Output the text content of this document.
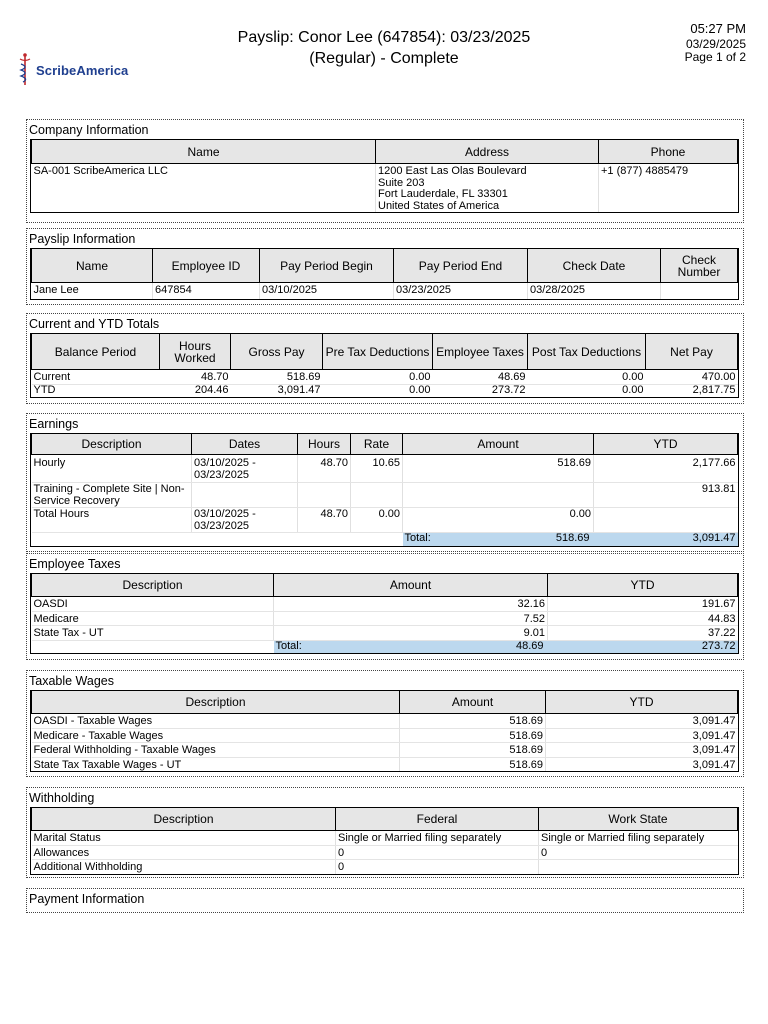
ScribeAmerica
Payslip: Conor Lee (647854): 03/23/2025
(Regular) - Complete
05:27 PM
03/29/2025
Page 1 of 2
Company Information
Name	Address	Phone
SA-001 ScribeAmerica LLC	1200 East Las Olas Boulevard
Suite 203
Fort Lauderdale, FL 33301
United States of America	+1 (877) 4885479
Payslip Information
Name	Employee ID	Pay Period Begin	Pay Period End	Check Date	Check Number
Jane Lee	647854	03/10/2025	03/23/2025	03/28/2025	
Current and YTD Totals
Balance Period	Hours Worked	Gross Pay	Pre Tax Deductions	Employee Taxes	Post Tax Deductions	Net Pay
Current	48.70	518.69	0.00	48.69	0.00	470.00
YTD	204.46	3,091.47	0.00	273.72	0.00	2,817.75
Earnings
Description	Dates	Hours	Rate	Amount	YTD
Hourly	03/10/2025 - 03/23/2025	48.70	10.65	518.69	2,177.66
Training - Complete Site | Non-Service Recovery					913.81
Total Hours	03/10/2025 - 03/23/2025	48.70	0.00	0.00	
				Total: 518.69	3,091.47
Employee Taxes
Description	Amount	YTD
OASDI	32.16	191.67
Medicare	7.52	44.83
State Tax - UT	9.01	37.22
	Total: 48.69	273.72
Taxable Wages
Description	Amount	YTD
OASDI - Taxable Wages	518.69	3,091.47
Medicare - Taxable Wages	518.69	3,091.47
Federal Withholding - Taxable Wages	518.69	3,091.47
State Tax Taxable Wages - UT	518.69	3,091.47
Withholding
Description	Federal	Work State
Marital Status	Single or Married filing separately	Single or Married filing separately
Allowances	0	0
Additional Withholding	0	
Payment Information
